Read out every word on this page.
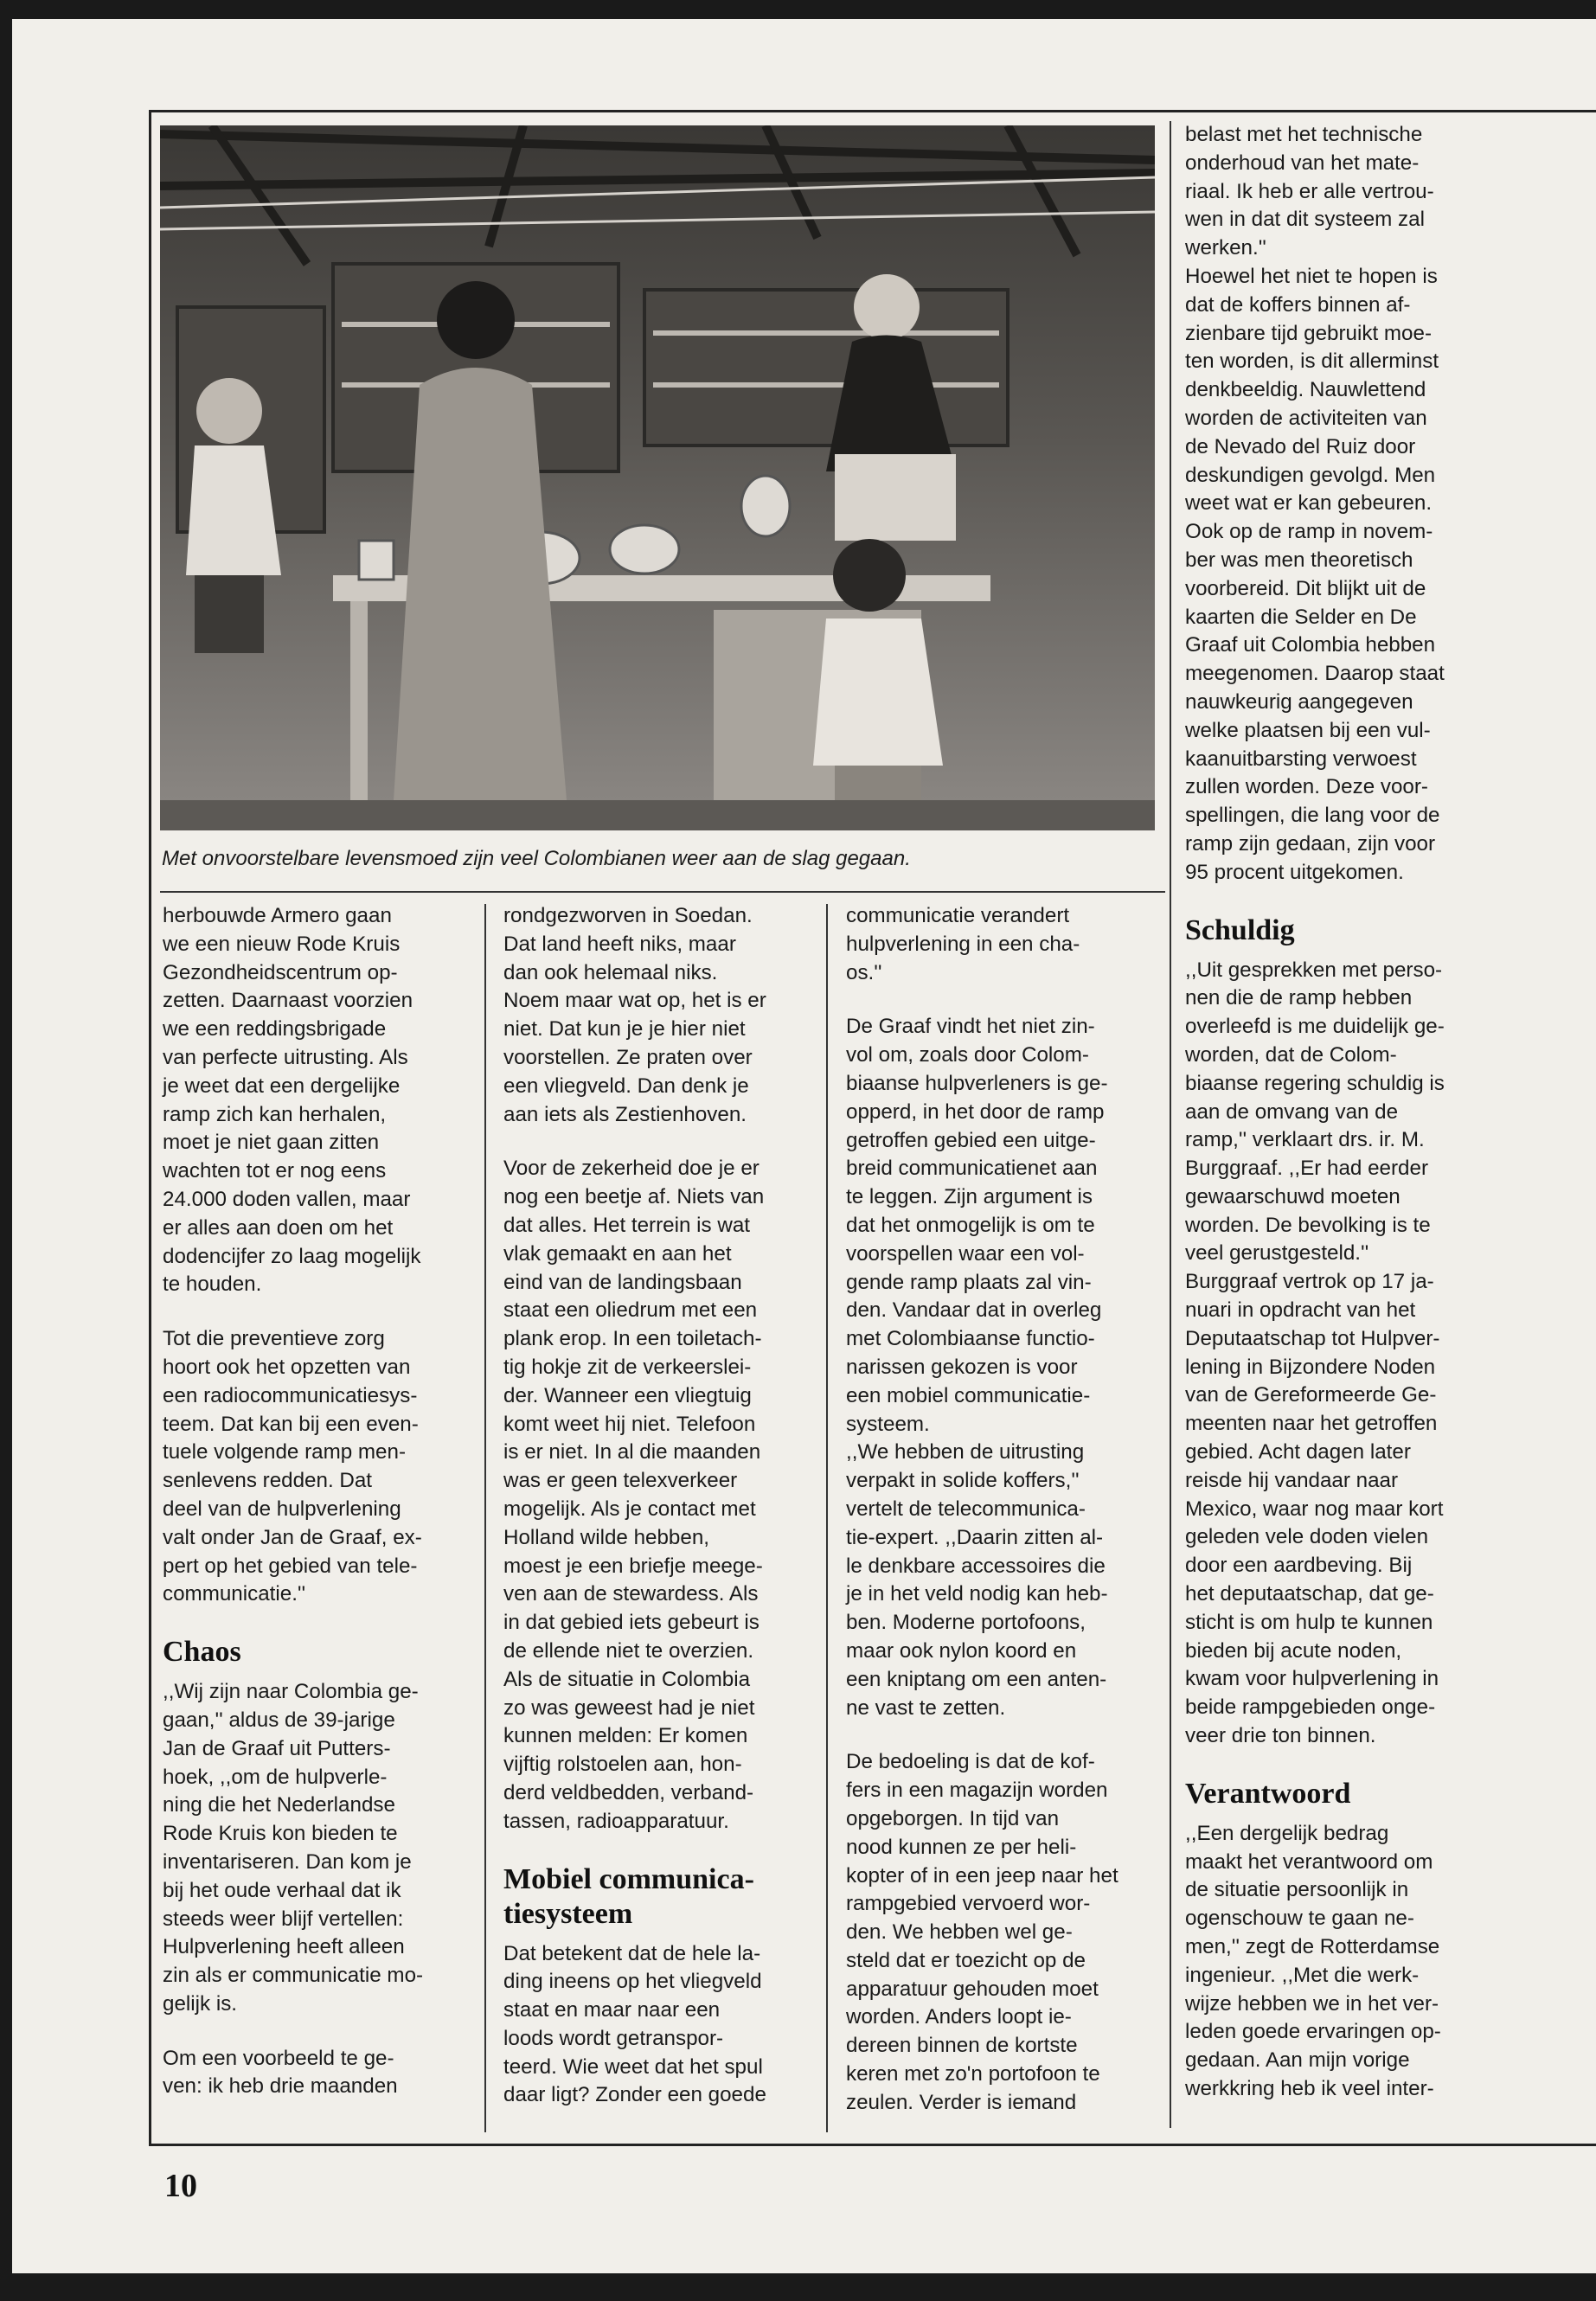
Met onvoorstelbare levensmoed zijn veel Colombianen weer aan de slag gegaan.

herbouwde Armero gaan
we een nieuw Rode Kruis
Gezondheidscentrum op-
zetten. Daarnaast voorzien
we een reddingsbrigade
van perfecte uitrusting. Als
je weet dat een dergelijke
ramp zich kan herhalen,
moet je niet gaan zitten
wachten tot er nog eens
24.000 doden vallen, maar
er alles aan doen om het
dodencijfer zo laag mogelijk
te houden.

Tot die preventieve zorg
hoort ook het opzetten van
een radiocommunicatiesys-
teem. Dat kan bij een even-
tuele volgende ramp men-
senlevens redden. Dat
deel van de hulpverlening
valt onder Jan de Graaf, ex-
pert op het gebied van tele-
communicatie.''

Chaos

,,Wij zijn naar Colombia ge-
gaan,'' aldus de 39-jarige
Jan de Graaf uit Putters-
hoek, ,,om de hulpverle-
ning die het Nederlandse
Rode Kruis kon bieden te
inventariseren. Dan kom je
bij het oude verhaal dat ik
steeds weer blijf vertellen:
Hulpverlening heeft alleen
zin als er communicatie mo-
gelijk is.

Om een voorbeeld te ge-
ven: ik heb drie maanden

rondgezworven in Soedan.
Dat land heeft niks, maar
dan ook helemaal niks.
Noem maar wat op, het is er
niet. Dat kun je je hier niet
voorstellen. Ze praten over
een vliegveld. Dan denk je
aan iets als Zestienhoven.

Voor de zekerheid doe je er
nog een beetje af. Niets van
dat alles. Het terrein is wat
vlak gemaakt en aan het
eind van de landingsbaan
staat een oliedrum met een
plank erop. In een toiletach-
tig hokje zit de verkeerslei-
der. Wanneer een vliegtuig
komt weet hij niet. Telefoon
is er niet. In al die maanden
was er geen telexverkeer
mogelijk. Als je contact met
Holland wilde hebben,
moest je een briefje meege-
ven aan de stewardess. Als
in dat gebied iets gebeurt is
de ellende niet te overzien.
Als de situatie in Colombia
zo was geweest had je niet
kunnen melden: Er komen
vijftig rolstoelen aan, hon-
derd veldbedden, verband-
tassen, radioapparatuur.

Mobiel communica-
tiesysteem

Dat betekent dat de hele la-
ding ineens op het vliegveld
staat en maar naar een
loods wordt getranspor-
teerd. Wie weet dat het spul
daar ligt? Zonder een goede

communicatie verandert
hulpverlening in een cha-
os.''

De Graaf vindt het niet zin-
vol om, zoals door Colom-
biaanse hulpverleners is ge-
opperd, in het door de ramp
getroffen gebied een uitge-
breid communicatienet aan
te leggen. Zijn argument is
dat het onmogelijk is om te
voorspellen waar een vol-
gende ramp plaats zal vin-
den. Vandaar dat in overleg
met Colombiaanse functio-
narissen gekozen is voor
een mobiel communicatie-
systeem.
,,We hebben de uitrusting
verpakt in solide koffers,''
vertelt de telecommunica-
tie-expert. ,,Daarin zitten al-
le denkbare accessoires die
je in het veld nodig kan heb-
ben. Moderne portofoons,
maar ook nylon koord en
een kniptang om een anten-
ne vast te zetten.

De bedoeling is dat de kof-
fers in een magazijn worden
opgeborgen. In tijd van
nood kunnen ze per heli-
kopter of in een jeep naar het
rampgebied vervoerd wor-
den. We hebben wel ge-
steld dat er toezicht op de
apparatuur gehouden moet
worden. Anders loopt ie-
dereen binnen de kortste
keren met zo'n portofoon te
zeulen. Verder is iemand

belast met het technische
onderhoud van het mate-
riaal. Ik heb er alle vertrou-
wen in dat dit systeem zal
werken.''
Hoewel het niet te hopen is
dat de koffers binnen af-
zienbare tijd gebruikt moe-
ten worden, is dit allerminst
denkbeeldig. Nauwlettend
worden de activiteiten van
de Nevado del Ruiz door
deskundigen gevolgd. Men
weet wat er kan gebeuren.
Ook op de ramp in novem-
ber was men theoretisch
voorbereid. Dit blijkt uit de
kaarten die Selder en De
Graaf uit Colombia hebben
meegenomen. Daarop staat
nauwkeurig aangegeven
welke plaatsen bij een vul-
kaanuitbarsting verwoest
zullen worden. Deze voor-
spellingen, die lang voor de
ramp zijn gedaan, zijn voor
95 procent uitgekomen.

Schuldig

,,Uit gesprekken met perso-
nen die de ramp hebben
overleefd is me duidelijk ge-
worden, dat de Colom-
biaanse regering schuldig is
aan de omvang van de
ramp,'' verklaart drs. ir. M.
Burggraaf. ,,Er had eerder
gewaarschuwd moeten
worden. De bevolking is te
veel gerustgesteld.''
Burggraaf vertrok op 17 ja-
nuari in opdracht van het
Deputaatschap tot Hulpver-
lening in Bijzondere Noden
van de Gereformeerde Ge-
meenten naar het getroffen
gebied. Acht dagen later
reisde hij vandaar naar
Mexico, waar nog maar kort
geleden vele doden vielen
door een aardbeving. Bij
het deputaatschap, dat ge-
sticht is om hulp te kunnen
bieden bij acute noden,
kwam voor hulpverlening in
beide rampgebieden onge-
veer drie ton binnen.

Verantwoord

,,Een dergelijk bedrag
maakt het verantwoord om
de situatie persoonlijk in
ogenschouw te gaan ne-
men,'' zegt de Rotterdamse
ingenieur. ,,Met die werk-
wijze hebben we in het ver-
leden goede ervaringen op-
gedaan. Aan mijn vorige
werkkring heb ik veel inter-

10
